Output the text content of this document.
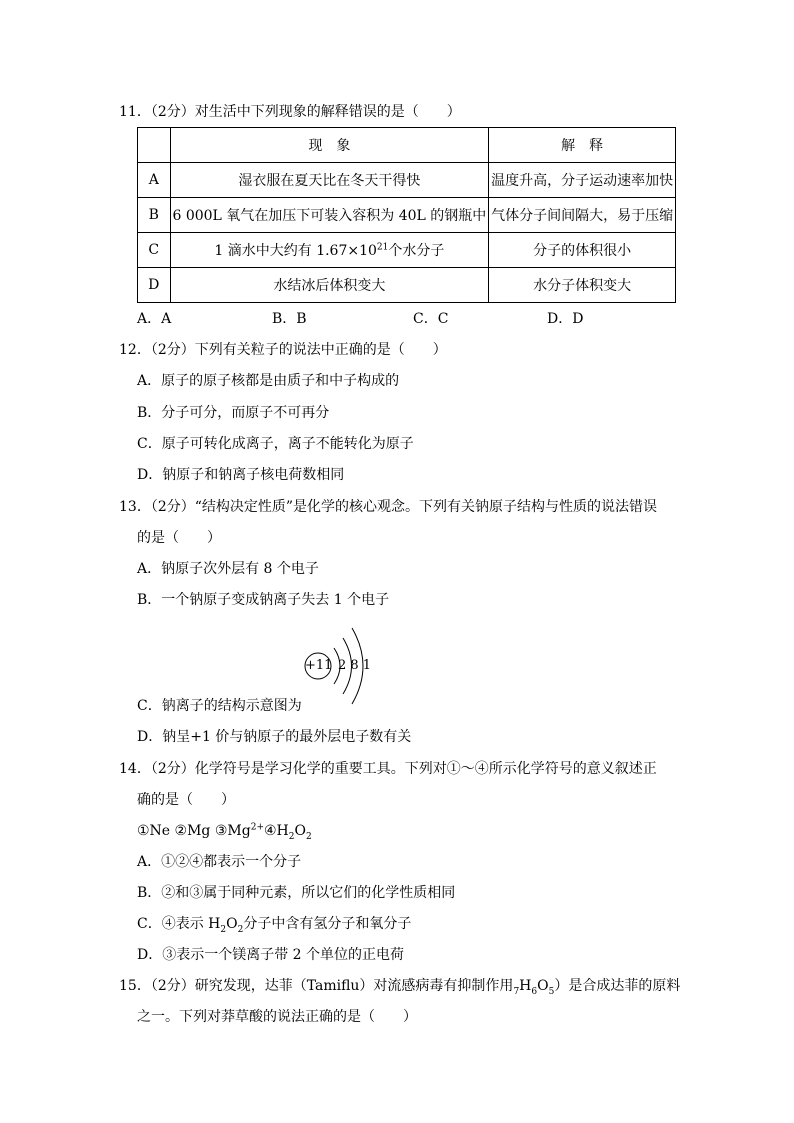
11．（2分）对生活中下列现象的解释错误的是（　　）
	现　象	解　释
A	湿衣服在夏天比在冬天干得快	温度升高，分子运动速率加快
B	6 000L 氧气在加压下可装入容积为 40L 的钢瓶中	气体分子间间隔大，易于压缩
C	1 滴水中大约有 $1.67\times 10^{21}$个水分子	分子的体积很小
D	水结冰后体积变大	水分子体积变大
A．A	B．B	C．C	D．D
12．（2分）下列有关粒子的说法中正确的是（　　）
A．原子的原子核都是由质子和中子构成的
B．分子可分，而原子不可再分
C．原子可转化成离子，离子不能转化为原子
D．钠原子和钠离子核电荷数相同
13．（2分）“结构决定性质”是化学的核心观念。下列有关钠原子结构与性质的说法错误
的是（　　）
A．钠原子次外层有 8 个电子
B．一个钠原子变成钠离子失去 1 个电子
+11 2 8 1
C．钠离子的结构示意图为
D．钠呈+1 价与钠原子的最外层电子数有关
14．（2分）化学符号是学习化学的重要工具。下列对①～④所示化学符号的意义叙述正
确的是（　　）
①Ne ②Mg $③Mg^{2+}④H_2O_2$
A．①②④都表示一个分子
B．②和③属于同种元素，所以它们的化学性质相同
C．④表示 $H_2O_2$分子中含有氢分子和氧分子
D．③表示一个镁离子带 2 个单位的正电荷
15．（2分）研究发现，达菲（Tamiflu）对流感病毒有抑制作用$_7H_6O_5$）是合成达菲的原料
之一。下列对莽草酸的说法正确的是（　　）
